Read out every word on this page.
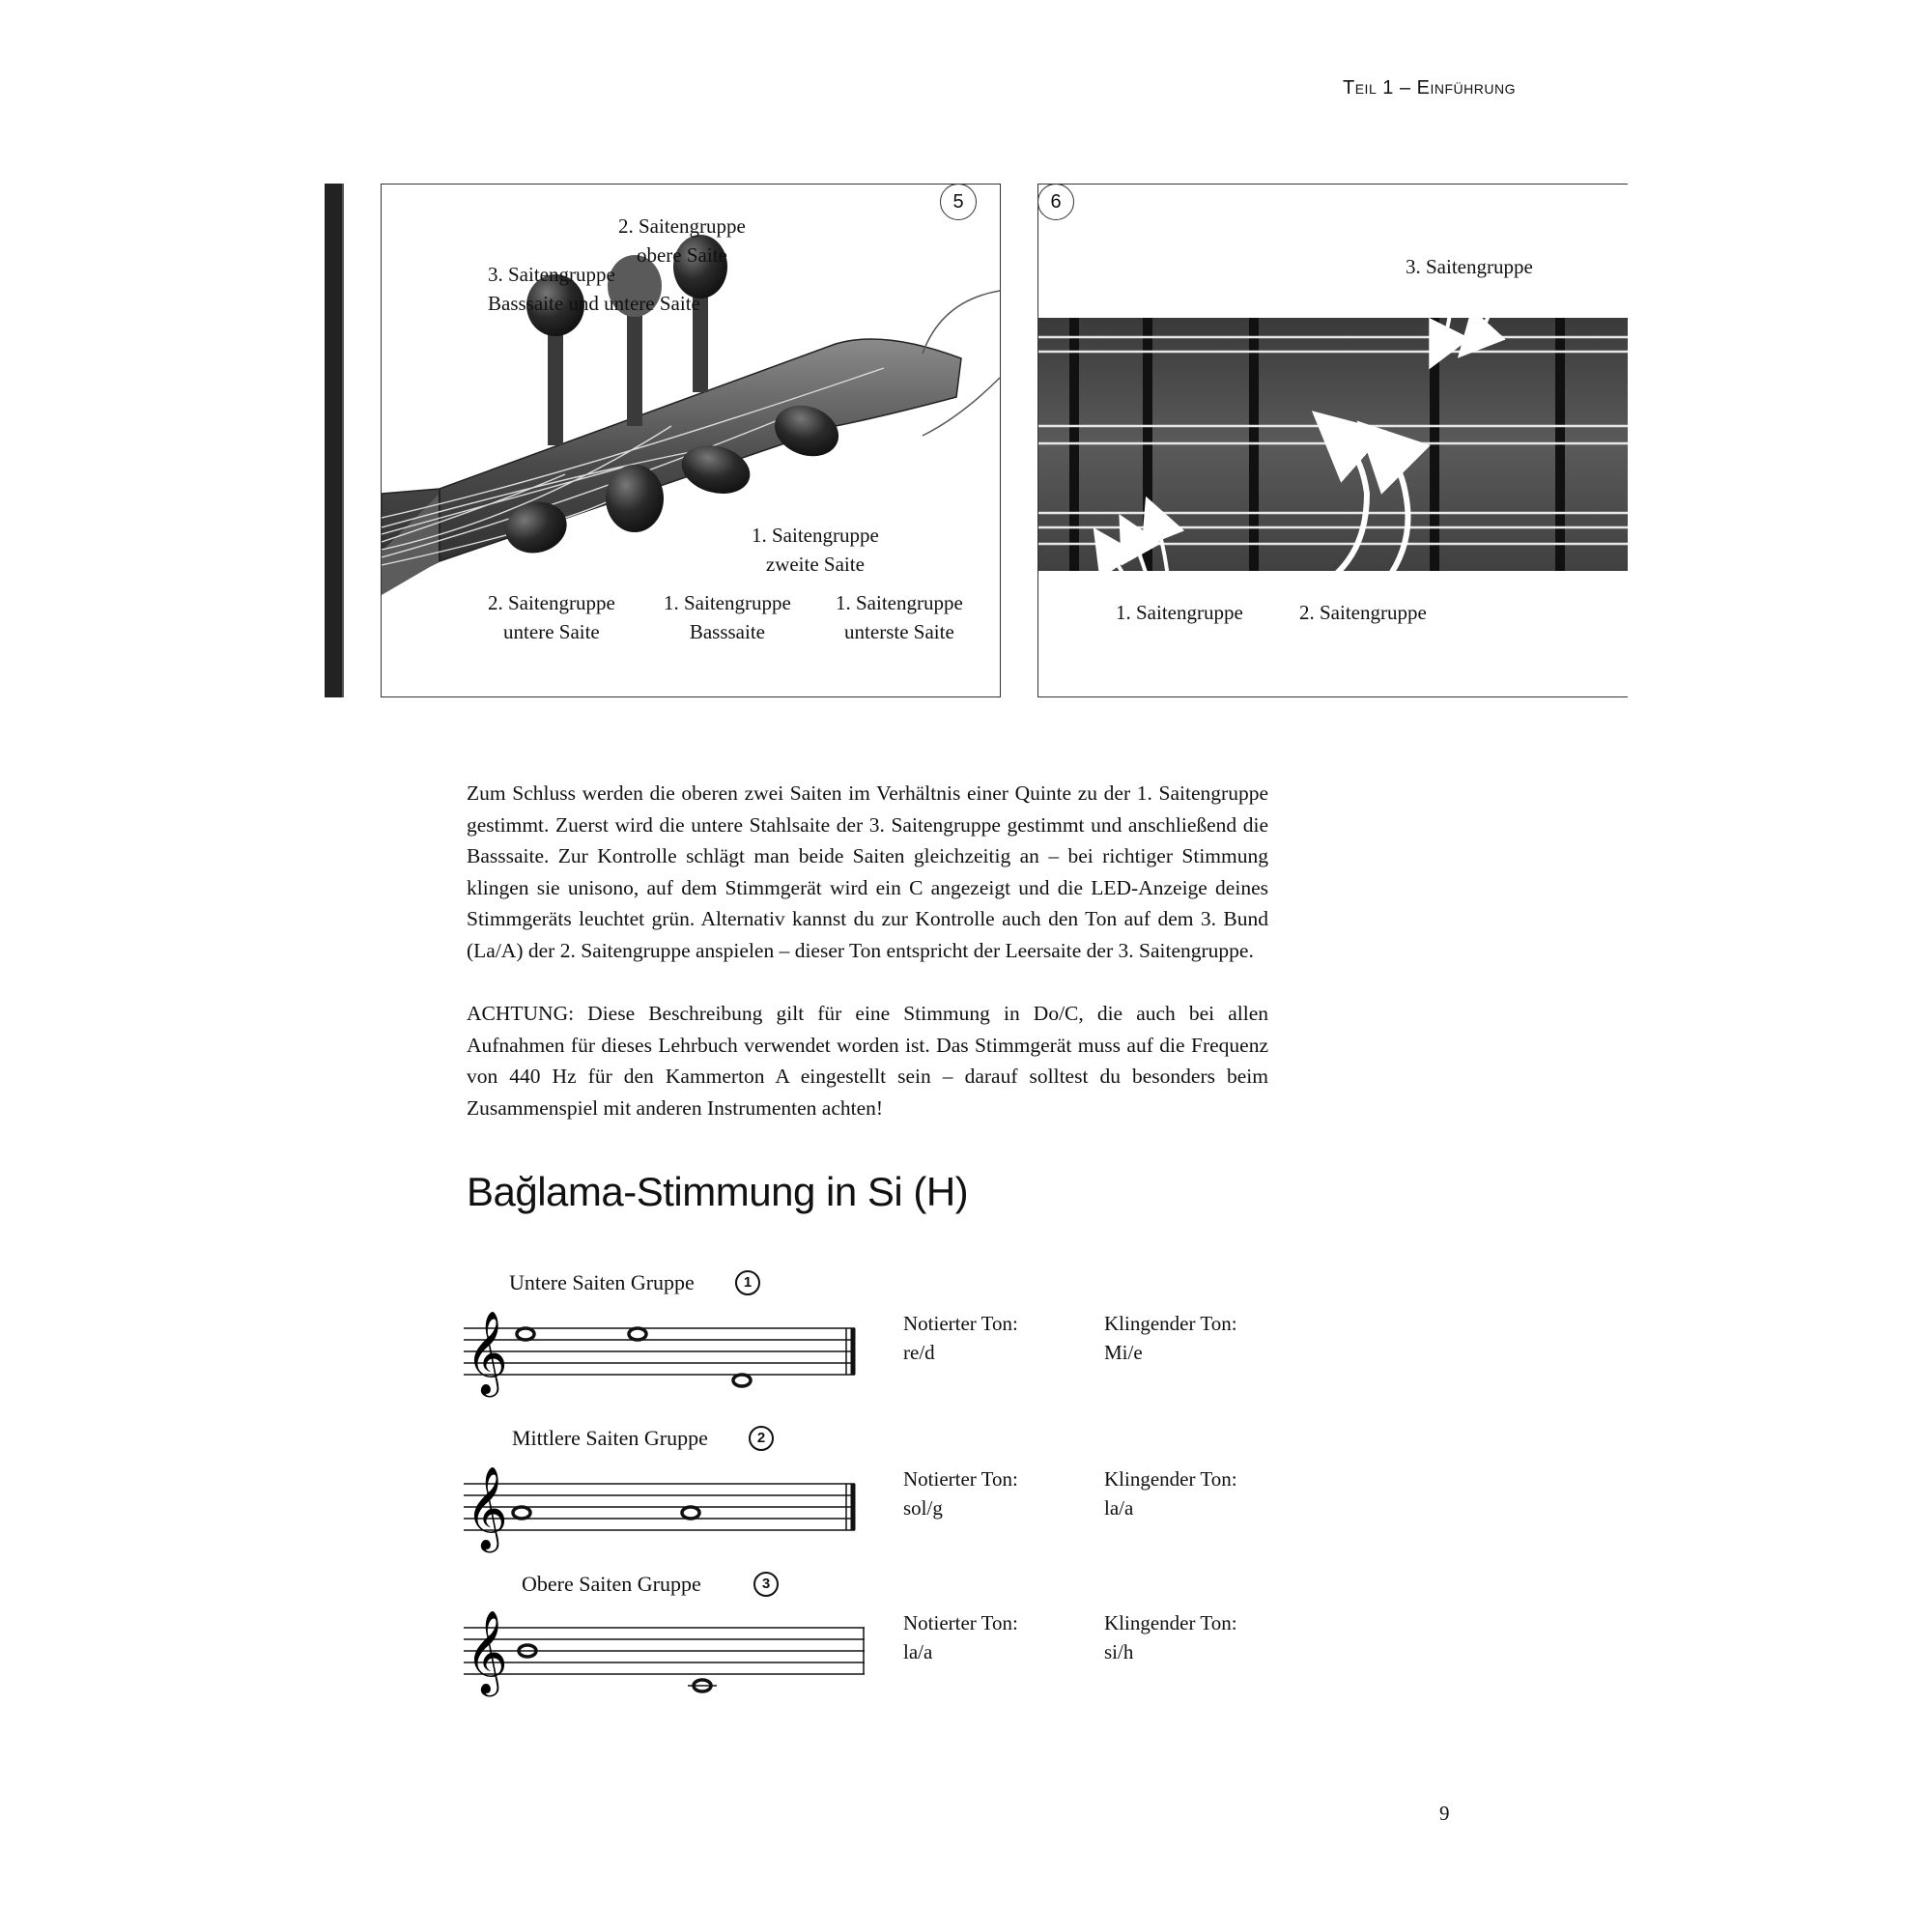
Teil 1 – Einführung
5
2. Saitengruppe
obere Saite
3. Saitengruppe
Basssaite und untere Saite
1. Saitengruppe
zweite Saite
2. Saitengruppe
untere Saite
1. Saitengruppe
Basssaite
1. Saitengruppe
unterste Saite
6
3. Saitengruppe
1. Saitengruppe	2. Saitengruppe

Zum Schluss werden die oberen zwei Saiten im Verhältnis einer Quinte zu der 1. Saitengruppe gestimmt. Zuerst wird die untere Stahlsaite der 3. Saitengruppe gestimmt und anschließend die Basssaite. Zur Kontrolle schlägt man beide Saiten gleichzeitig an – bei richtiger Stimmung klingen sie unisono, auf dem Stimmgerät wird ein C angezeigt und die LED-Anzeige deines Stimmgeräts leuchtet grün. Alternativ kannst du zur Kontrolle auch den Ton auf dem 3. Bund (La/A) der 2. Saitengruppe anspielen – dieser Ton entspricht der Leersaite der 3. Saitengruppe.

ACHTUNG: Diese Beschreibung gilt für eine Stimmung in Do/C, die auch bei allen Aufnahmen für dieses Lehrbuch verwendet worden ist. Das Stimmgerät muss auf die Frequenz von 440 Hz für den Kammerton A eingestellt sein – darauf solltest du besonders beim Zusammenspiel mit anderen Instrumenten achten!

Bağlama-Stimmung in Si (H)
Untere Saiten Gruppe	1
𝄞	Notierter Ton:
re/d
Klingender Ton:
Mi/e
Mittlere Saiten Gruppe	2
𝄞	Notierter Ton:
sol/g
Klingender Ton:
la/a
Obere Saiten Gruppe	3
𝄞	Notierter Ton:
la/a
Klingender Ton:
si/h
9
